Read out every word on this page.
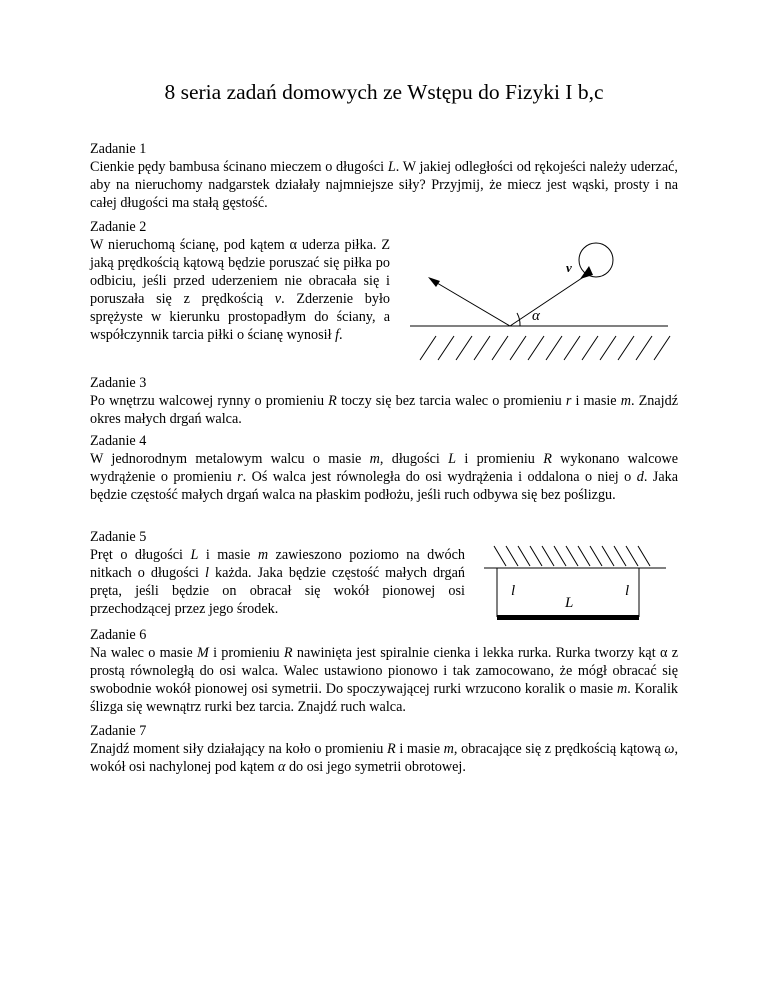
8 seria zadań domowych ze Wstępu do Fizyki I b,c
Zadanie 1
Cienkie pędy bambusa ścinano mieczem o długości L. W jakiej odległości od rękojeści należy uderzać, aby na nieruchomy nadgarstek działały najmniejsze siły? Przyjmij, że miecz jest wąski, prosty i na całej długości ma stałą gęstość.
Zadanie 2
W nieruchomą ścianę, pod kątem α uderza piłka. Z jaką prędkością kątową będzie poruszać się piłka po odbiciu, jeśli przed uderzeniem nie obracała się i poruszała się z prędkością v. Zderzenie było sprężyste w kierunku prostopadłym do ściany, a współczynnik tarcia piłki o ścianę wynosił f.
v
α
Zadanie 3
Po wnętrzu walcowej rynny o promieniu R toczy się bez tarcia walec o promieniu r i masie m. Znajdź okres małych drgań walca.
Zadanie 4
W jednorodnym metalowym walcu o masie m, długości L i promieniu R wykonano walcowe wydrążenie o promieniu r. Oś walca jest równoległa do osi wydrążenia i oddalona o niej o d. Jaka będzie częstość małych drgań walca na płaskim podłożu, jeśli ruch odbywa się bez poślizgu.
Zadanie 5
Pręt o długości L i masie m zawieszono poziomo na dwóch nitkach o długości l każda. Jaka będzie częstość małych drgań pręta, jeśli będzie on obracał się wokół pionowej osi przechodzącej przez jego środek.
l	l
L
Zadanie 6
Na walec o masie M i promieniu R nawinięta jest spiralnie cienka i lekka rurka. Rurka tworzy kąt α z prostą równoległą do osi walca. Walec ustawiono pionowo i tak zamocowano, że mógł obracać się swobodnie wokół pionowej osi symetrii. Do spoczywającej rurki wrzucono koralik o masie m. Koralik ślizga się wewnątrz rurki bez tarcia. Znajdź ruch walca.
Zadanie 7
Znajdź moment siły działający na koło o promieniu R i masie m, obracające się z prędkością kątową ω, wokół osi nachylonej pod kątem α do osi jego symetrii obrotowej.
